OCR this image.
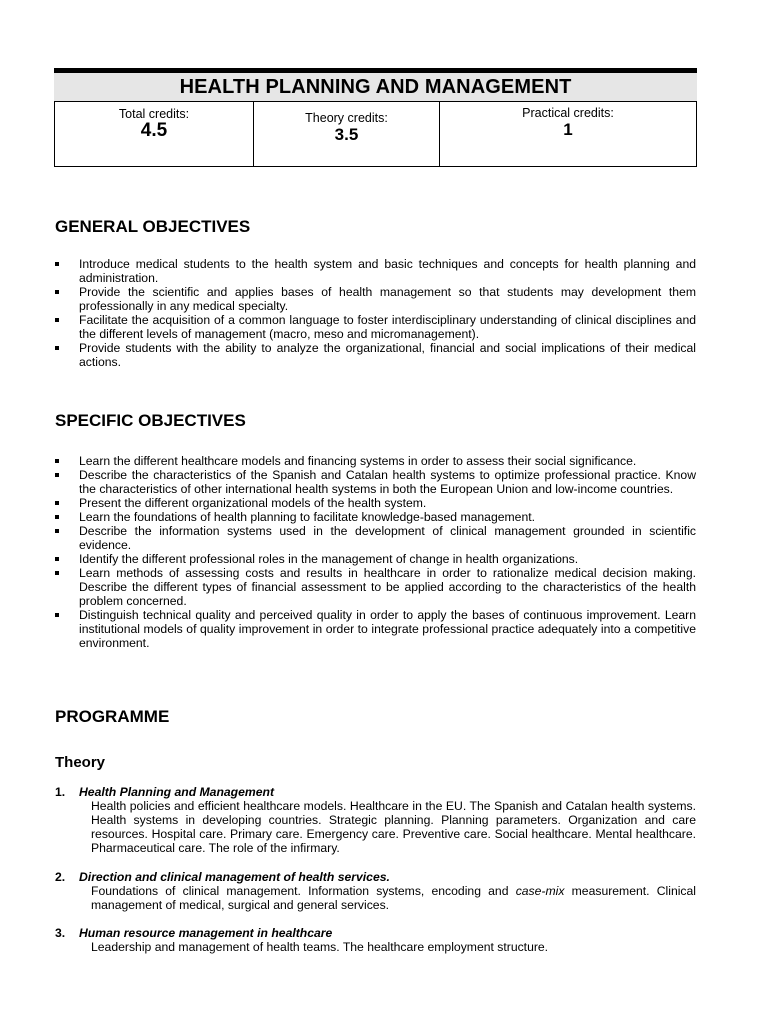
HEALTH PLANNING AND MANAGEMENT
Total credits:
4.5
Theory credits:
3.5
Practical credits:
1
GENERAL OBJECTIVES
Introduce medical students to the health system and basic techniques and concepts for health planning and administration.
Provide the scientific and applies bases of health management so that students may development them professionally in any medical specialty.
Facilitate the acquisition of a common language to foster interdisciplinary understanding of clinical disciplines and the different levels of management (macro, meso and micromanagement).
Provide students with the ability to analyze the organizational, financial and social implications of their medical actions.
SPECIFIC OBJECTIVES
Learn the different healthcare models and financing systems in order to assess their social significance.
Describe the characteristics of the Spanish and Catalan health systems to optimize professional practice. Know the characteristics of other international health systems in both the European Union and low-income countries.
Present the different organizational models of the health system.
Learn the foundations of health planning to facilitate knowledge-based management.
Describe the information systems used in the development of clinical management grounded in scientific evidence.
Identify the different professional roles in the management of change in health organizations.
Learn methods of assessing costs and results in healthcare in order to rationalize medical decision making. Describe the different types of financial assessment to be applied according to the characteristics of the health problem concerned.
Distinguish technical quality and perceived quality in order to apply the bases of continuous improvement. Learn institutional models of quality improvement in order to integrate professional practice adequately into a competitive environment.
PROGRAMME
Theory
1.	Health Planning and Management
Health policies and efficient healthcare models. Healthcare in the EU. The Spanish and Catalan health systems. Health systems in developing countries. Strategic planning. Planning parameters. Organization and care resources. Hospital care. Primary care. Emergency care. Preventive care. Social healthcare. Mental healthcare. Pharmaceutical care. The role of the infirmary.
2.	Direction and clinical management of health services.
Foundations of clinical management. Information systems, encoding and case-mix measurement. Clinical management of medical, surgical and general services.
3.	Human resource management in healthcare
Leadership and management of health teams. The healthcare employment structure.
